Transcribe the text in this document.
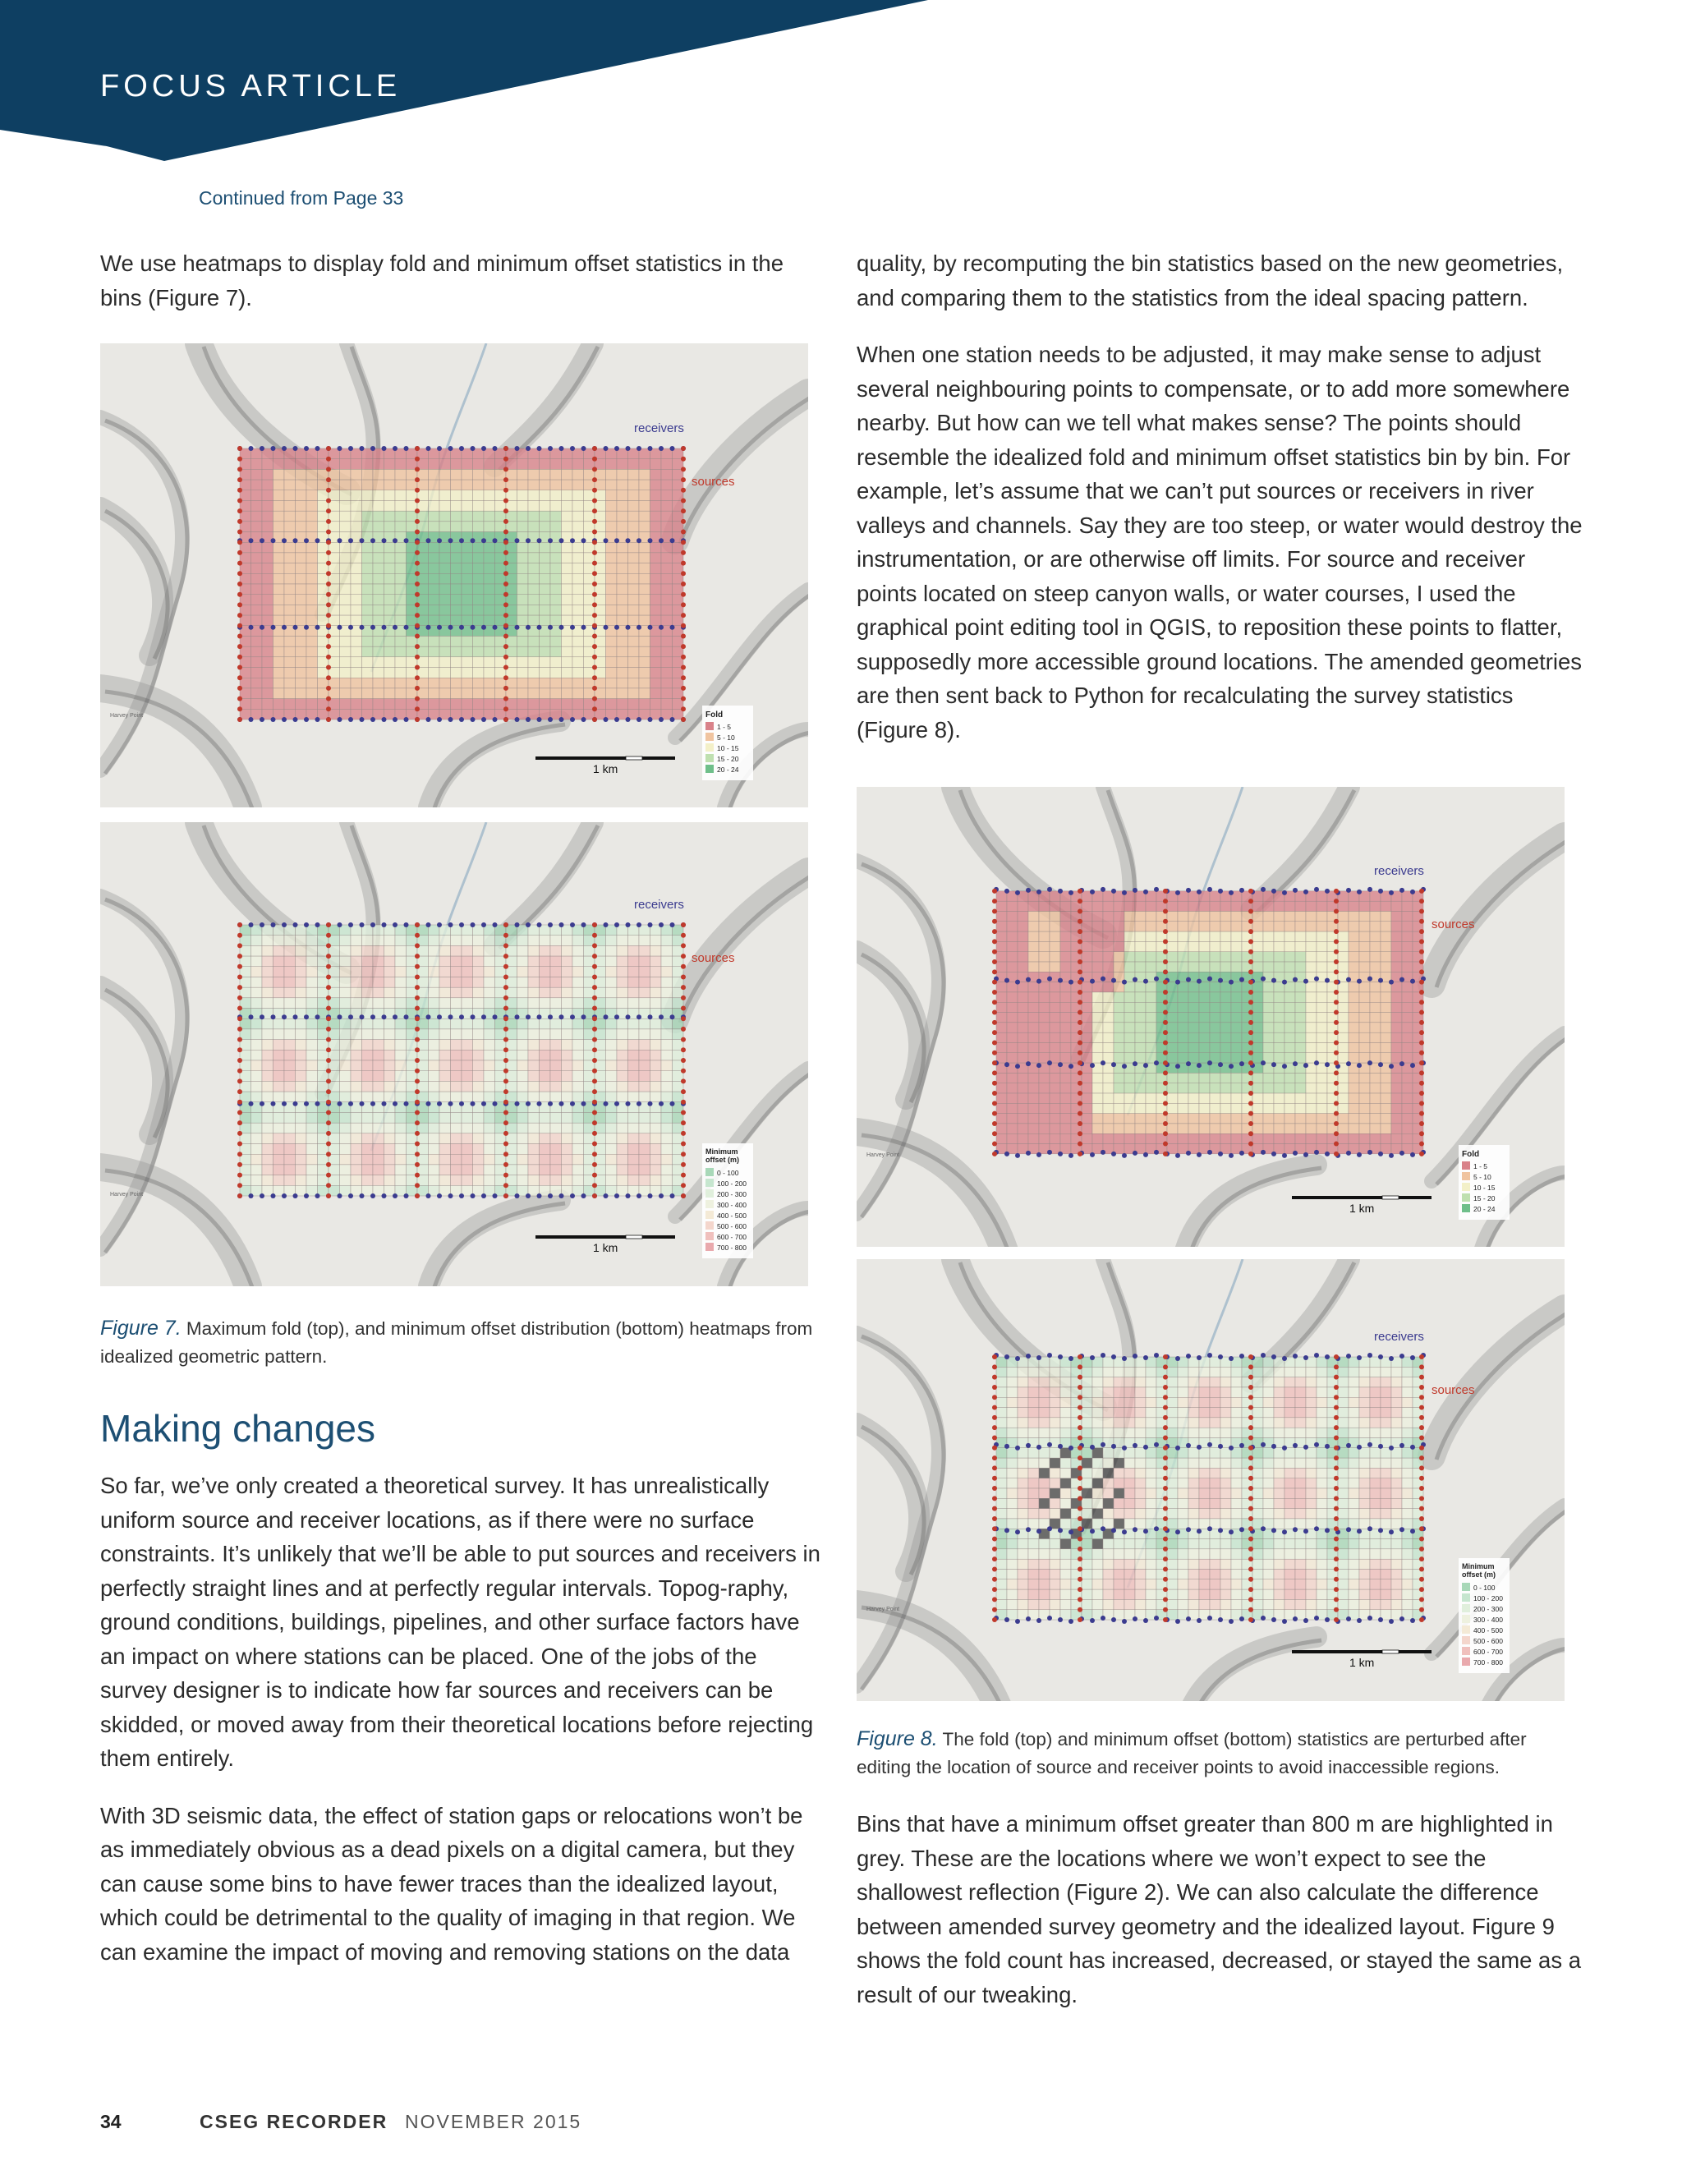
FOCUS ARTICLE
Continued from Page 33

We use heatmaps to display fold and minimum offset statistics in the bins (Figure 7).

receivers
sources
Harvey Point
1 km
Fold
1 - 5
5 - 10
10 - 15
15 - 20
20 - 24
receivers
sources
Harvey Point
1 km
Minimum
offset (m)
0 - 100
100 - 200
200 - 300
300 - 400
400 - 500
500 - 600
600 - 700
700 - 800
Figure 7. Maximum fold (top), and minimum offset distribution (bottom) heatmaps from idealized geometric pattern.
Making changes

So far, we’ve only created a theoretical survey. It has unrealistically uniform source and receiver locations, as if there were no surface constraints. It’s unlikely that we’ll be able to put sources and receivers in perfectly straight lines and at perfectly regular intervals. Topog-raphy, ground conditions, buildings, pipelines, and other surface factors have an impact on where stations can be placed. One of the jobs of the survey designer is to indicate how far sources and receivers can be skidded, or moved away from their theoretical locations before rejecting them entirely.

With 3D seismic data, the effect of station gaps or relocations won’t be as immediately obvious as a dead pixels on a digital camera, but they can cause some bins to have fewer traces than the idealized layout, which could be detrimental to the quality of imaging in that region. We can examine the impact of moving and removing stations on the data

quality, by recomputing the bin statistics based on the new geometries, and comparing them to the statistics from the ideal spacing pattern.

When one station needs to be adjusted, it may make sense to adjust several neighbouring points to compensate, or to add more somewhere nearby. But how can we tell what makes sense? The points should resemble the idealized fold and minimum offset statistics bin by bin. For example, let’s assume that we can’t put sources or receivers in river valleys and channels. Say they are too steep, or water would destroy the instrumentation, or are otherwise off limits. For source and receiver points located on steep canyon walls, or water courses, I used the graphical point editing tool in QGIS, to reposition these points to flatter, supposedly more accessible ground locations. The amended geometries are then sent back to Python for recalculating the survey statistics (Figure 8).

receivers
sources
Harvey Point
1 km
Fold
1 - 5
5 - 10
10 - 15
15 - 20
20 - 24
receivers
sources
Harvey Point
1 km
Minimum
offset (m)
0 - 100
100 - 200
200 - 300
300 - 400
400 - 500
500 - 600
600 - 700
700 - 800
Figure 8. The fold (top) and minimum offset (bottom) statistics are perturbed after editing the location of source and receiver points to avoid inaccessible regions.

Bins that have a minimum offset greater than 800 m are highlighted in grey. These are the locations where we won’t expect to see the shallowest reflection (Figure 2). We can also calculate the difference between amended survey geometry and the idealized layout. Figure 9 shows the fold count has increased, decreased, or stayed the same as a result of our tweaking.

34	CSEG RECORDER NOVEMBER 2015
